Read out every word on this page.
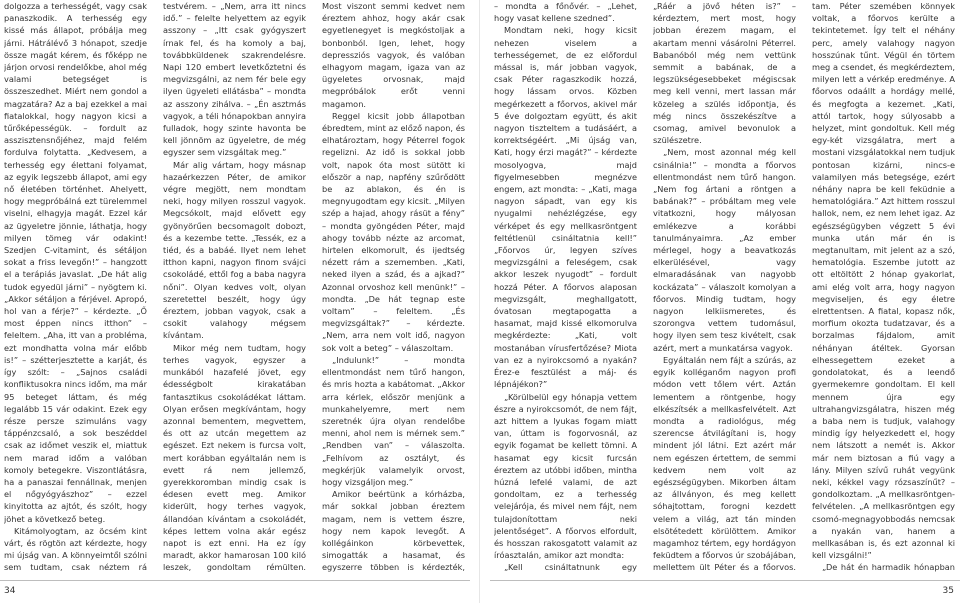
dolgozza a terhességét, vagy csak panaszkodik. A terhesség egy kissé más állapot, próbálja meg járni. Hátrálévő 3 hónapot, szedje össze magát kérem, és főképp ne járjon orvosi rendelőkbe, ahol még valami betegséget is összeszedhet. Miért nem gondol a magzatára? Az a baj ezekkel a mai fiatalokkal, hogy nagyon kicsi a tűrőképességük. – fordult az asszisztensnőjéhez, majd felém fordulva folytatta. „Kedvesem, a terhesség egy élettani folyamat, az egyik legszebb állapot, ami egy nő életében történhet. Ahelyett, hogy megpróbálná ezt türelemmel viselni, elhagyja magát. Ezzel kár az ügyeletre jönnie, láthatja, hogy milyen tömeg vár odakint! Szedjen C-vitamint, és sétáljon sokat a friss levegőn!” – hangzott el a terápiás javaslat. „De hát alig tudok egyedül járni” – nyögtem ki. „Akkor sétáljon a férjével. Apropó, hol van a férje?” – kérdezte. „Ő most éppen nincs itthon” – feleltem. „Aha, itt van a probléma, ezt mondhatta volna már előbb is!” – szétterjesztette a karját, és így szólt: – „Sajnos családi konfliktusokra nincs időm, ma már 95 beteget láttam, és még legalább 15 vár odakint. Ezek egy része persze szimuláns vagy táppénzcsaló, a sok beszéddel csak az időmet veszik el, miattuk nem marad időm a valóban komoly betegekre. Viszontlátásra, ha a panaszai fennállnak, menjen el nőgyógyászhoz” – ezzel kinyitotta az ajtót, és szólt, hogy jöhet a következő beteg.

Kitámolyogtam, az öcsém kint várt, és rögtön azt kérdezte, hogy mi újság van. A könnyeimtől szólni sem tudtam, csak néztem rá

testvérem. – „Nem, arra itt nincs idő.” – felelte helyettem az egyik asszony – „Itt csak gyógyszert írnak fel, és ha komoly a baj, továbbküldenek szakrendelésre. Napi 120 embert levetkőztetni és megvizsgálni, az nem fér bele egy ilyen ügyeleti ellátásba” – mondta az asszony zihálva. – „Én asztmás vagyok, a téli hónapokban annyira fulladok, hogy szinte havonta be kell jönnöm az ügyeletre, de még egyszer sem vizsgáltak meg.”

Már alig vártam, hogy másnap hazaérkezzen Péter, de amikor végre megjött, nem mondtam neki, hogy milyen rosszul vagyok. Megcsókolt, majd elővett egy gyönyörűen becsomagolt dobozt, és a kezembe tette. „Tessék, ez a tiéd, és a babáé. Ilyet nem lehet itthon kapni, nagyon finom svájci csokoládé, ettől fog a baba nagyra nőni”. Olyan kedves volt, olyan szeretettel beszélt, hogy úgy éreztem, jobban vagyok, csak a csokit valahogy mégsem kívántam.

Mikor még nem tudtam, hogy terhes vagyok, egyszer a munkából hazafelé jövet, egy édességbolt kirakatában fantasztikus csokoládékat láttam. Olyan erősen megkívántam, hogy azonnal bementem, megvettem, és ott az utcán megettem az egészet. Ezt nekem is furcsa volt, mert korábban egyáltalán nem is evett rá nem jellemző, gyerekkoromban mindig csak is édesen evett meg. Amikor kiderült, hogy terhes vagyok, állandóan kívántam a csokoládét, képes lettem volna akár egész napot is ezt enni. Ha ez így maradt, akkor hamarosan 100 kiló leszek, gondoltam rémülten.

Most viszont semmi kedvet nem éreztem ahhoz, hogy akár csak egyetlenegyet is megkóstoljak a bonbonból. Igen, lehet, hogy depressziós vagyok, és valóban elhagyom magam, igaza van az ügyeletes orvosnak, majd megpróbálok erőt venni magamon.

Reggel kicsit jobb állapotban ébredtem, mint az előző napon, és elhatároztam, hogy Péterrel fogok regelizni. Az idő is sokkal jobb volt, napok óta most sütött ki először a nap, napfény szűrődött be az ablakon, és én is megnyugodtam egy kicsit. „Milyen szép a hajad, ahogy rásüt a fény” – mondta gyöngéden Péter, majd ahogy tovább nézte az arcomat, hirtelen elkomorult, és ijedtség nézett rám a szememben. „Kati, neked ilyen a szád, és a ajkad?” Azonnal orvoshoz kell menünk!” – mondta. „De hát tegnap este voltam” – feleltem. „És megvizsgáltak?” – kérdezte. „Nem, arra nem volt idő, nagyon sok volt a beteg” – válaszoltam.

„Indulunk!” – mondta ellentmondást nem tűrő hangon, és mris hozta a kabátomat. „Akkor arra kérlek, először menjünk a munkahelyemre, mert nem szeretnék újra olyan rendelőbe menni, ahol nem is mérnek sem.” „Rendben van” – válaszolta. „Felhívom az osztályt, és megkérjük valamelyik orvost, hogy vizsgáljon meg.”

Amikor beértünk a kórházba, már sokkal jobban éreztem magam, nem is vettem észre, hogy nem kapok levegőt. A kollégáinkon körbevettek, simogatták a hasamat, és egyszerre többen is kérdezték,

34

– mondta a főnővér. – „Lehet, hogy vasat kellene szedned”.

Mondtam neki, hogy kicsit nehezen viselem a terhességemet, de ez előfordul mással is, már jobban vagyok, csak Péter ragaszkodik hozzá, hogy lássam orvos. Közben megérkezett a főorvos, akivel már 5 éve dolgoztam együtt, és akit nagyon tiszteltem a tudásáért, a korrektségéért. „Mi újság van, Kati, hogy érzi magát?” – kérdezte mosolyogva, majd figyelmesebben megnézve engem, azt mondta: – „Kati, maga nagyon sápadt, van egy kis nyugalmi nehézlégzése, egy vérképet és egy mellkasröntgent feltétlenül csináltatnia kell!” „Főorvos úr, legyen szíves megvizsgálni a feleségem, csak akkor leszek nyugodt” – fordult hozzá Péter. A főorvos alaposan megvizsgált, meghallgatott, óvatosan megtapogatta a hasamat, majd kissé elkomorulva megkérdezte: „Kati, volt mostanában vírusfertőzése? Miota van ez a nyirokcsomó a nyakán? Érez-e fesztülést a máj- és lépnájékon?”

„Körülbelül egy hónapja vettem észre a nyirokcsomót, de nem fájt, azt hittem a lyukas fogam miatt van, úttam is fogorvosnál, az egyik fogamat be kellett tömni. A hasamat egy kicsit furcsán éreztem az utóbbi időben, mintha húzná lefelé valami, de azt gondoltam, ez a terhesség velejárója, és mivel nem fájt, nem tulajdonítottam neki jelentőséget”. A főorvos elfordult, és hosszan rakosgatott valamit az íróasztalán, amikor azt mondta:

„Kell csináltatnunk egy

„Ráér a jövő héten is?” – kérdeztem, mert most, hogy jobban érezem magam, el akartam menni vásárolni Péterrel. Babanóból még nem vettünk semmit a babának, de a legszükségesebbeket mégiscsak meg kell venni, mert lassan már közeleg a szülés időpontja, és még nincs összekészítve a csomag, amivel bevonulok a szülészetre.

„Nem, most azonnal még kell csinálnia!” – mondta a főorvos ellentmondást nem tűrő hangon. „Nem fog ártani a röntgen a babának?” – próbáltam meg vele vitatkozni, hogy mályosan emlékezve a korábbi tanulmányaimra. „Az ember mérlegel, hogy a beavatkozás elkerülésével, vagy elmaradásának van nagyobb kockázata” – válaszolt komolyan a főorvos. Mindig tudtam, hogy nagyon lelkiismeretes, és szorongva vettem tudomásul, hogy ilyen sem tesz kivételt, csak azért, mert a munkatársa vagyok.

Egyáltalán nem fájt a szúrás, az egyik kolléganőm nagyon profi módon vett tőlem vért. Aztán lementem a röntgenbe, hogy elkészítsék a mellkasfelvételt. Azt mondta a radiológus, még szerencse átvilágítani is, hogy mindent jól látni. Ezt azért már nem egészen értettem, de semmi kedvem nem volt az egészségügyben. Mikorben áltam az állványon, és meg kellett sóhajtottam, forogni kezdett velem a világ, azt tán minden elsötétedett körülöttem. Amikor magamhoz tértem, egy hordágyon feküdtem a főorvos úr szobájában, mellettem ült Péter és a főorvos.

tam. Péter szemében könnyek voltak, a főorvos kerülte a tekintetemet. Így telt el néhány perc, amely valahogy nagyon hosszúnak tűnt. Végül én törtem meg a csendet, és megkérdeztem, milyen lett a vérkép eredménye. A főorvos odaállt a hordágy mellé, és megfogta a kezemet. „Kati, attól tartok, hogy súlyosabb a helyzet, mint gondoltuk. Kell még egy-két vizsgálatra, mert a mostani vizsgálatokkal nem tudjuk pontosan kizárni, nincs-e valamilyen más betegsége, ezért néhány napra be kell feküdnie a hematológiára.” Azt hittem rosszul hallok, nem, ez nem lehet igaz. Az egészségügyben végzett 5 évi munka után már én is megtanultam, mit jelent az a szó, hematológia. Eszembe jutott az ott eltöltött 2 hónap gyakorlat, ami elég volt arra, hogy nagyon megviseljen, és egy életre elrettentsen. A fiatal, kopasz nők, morfium okozta tudatzavar, és a borzalmas fájdalom, amit néhányan átéltek. Gyorsan elhessegettem ezeket a gondolatokat, és a leendő gyermekemre gondoltam. El kell mennem újra egy ultrahangvizsgálatra, hiszen még a baba nem is tudjuk, valahogy mindig így helyezkedett el, hogy nem látszott a nemét is. Akkor már nem biztosan a fiú vagy a lány. Milyen szívű ruhát vegyünk neki, kékkel vagy rózsaszínűt? – gondolkoztam. „A mellkasröntgen-felvételen. „A mellkasröntgen egy csomó-megnagyobbodás nemcsak a nyakán van, hanem a mellkasában is, és ezt azonnal ki kell vizsgálni!”

„De hát én harmadik hónapban

35
